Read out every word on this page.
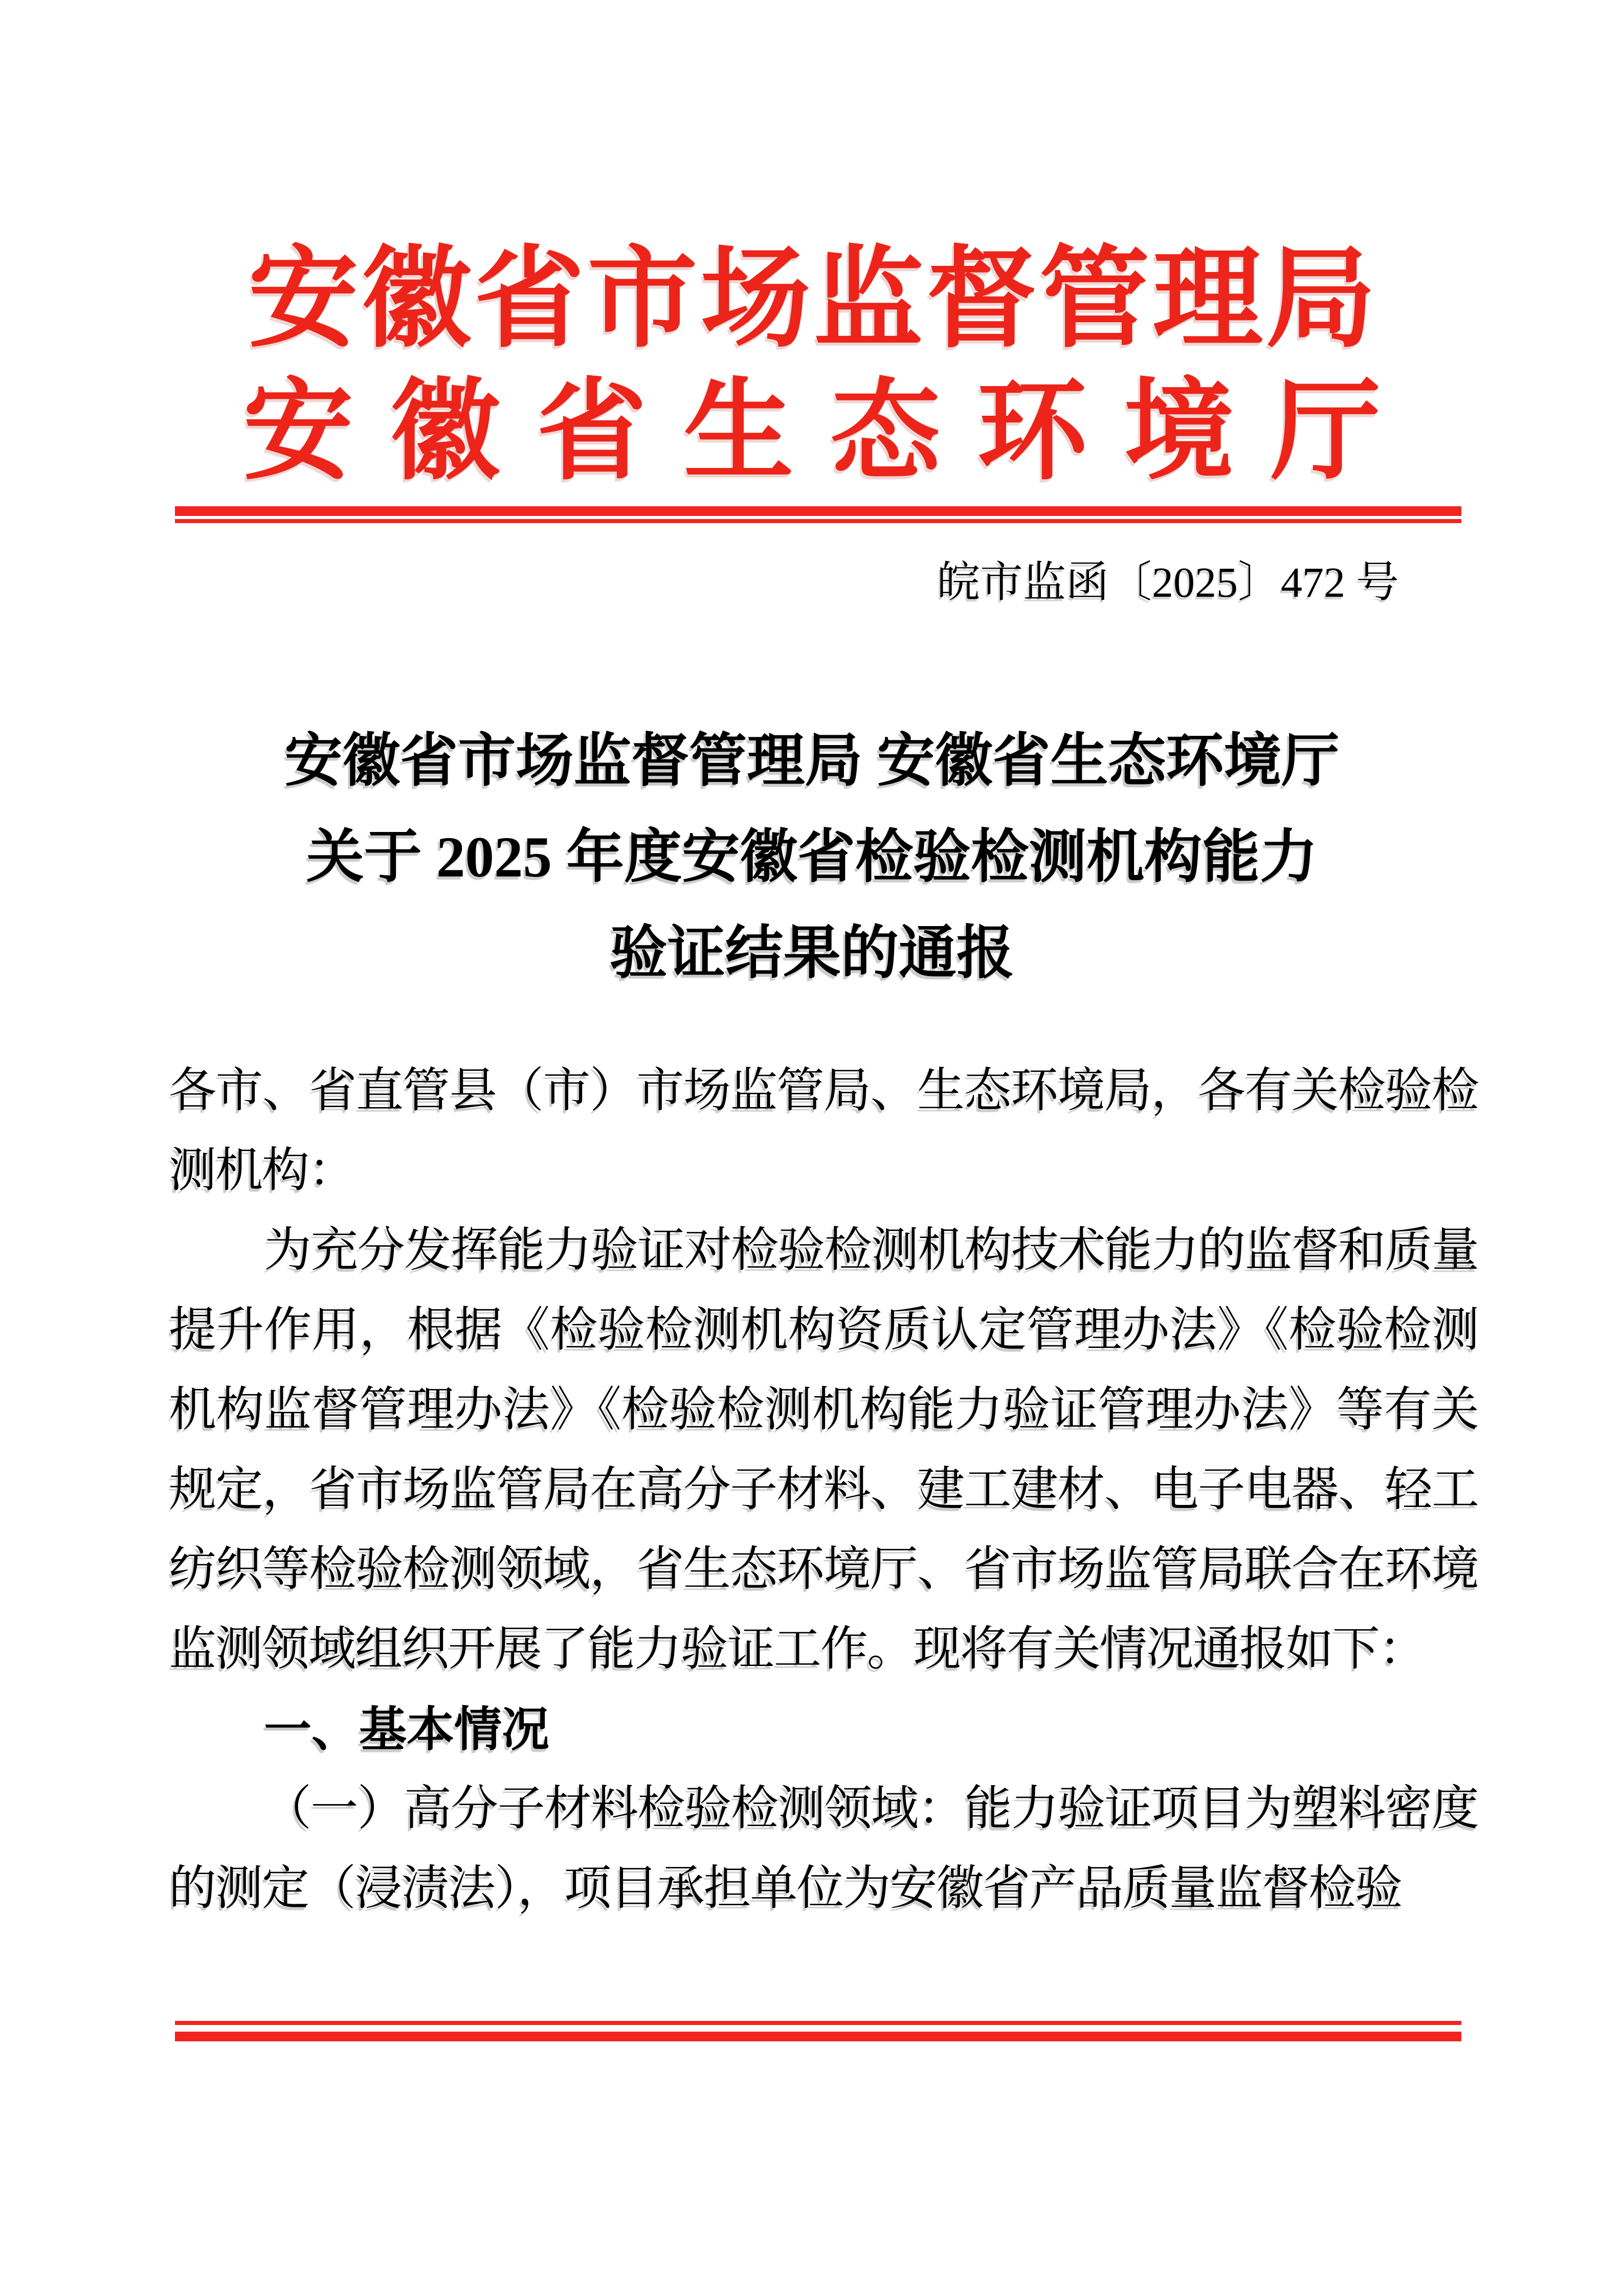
安徽省市场监督管理局
安徽省生态环境厅
皖市监函〔2025〕472 号
安徽省市场监督管理局 安徽省生态环境厅
关于 2025 年度安徽省检验检测机构能力
验证结果的通报

各市、省直管县（市）市场监管局、生态环境局，各有关检验检测机构：

为充分发挥能力验证对检验检测机构技术能力的监督和质量提升作用，根据《检验检测机构资质认定管理办法》《检验检测机构监督管理办法》《检验检测机构能力验证管理办法》等有关规定，省市场监管局在高分子材料、建工建材、电子电器、轻工纺织等检验检测领域，省生态环境厅、省市场监管局联合在环境监测领域组织开展了能力验证工作。现将有关情况通报如下：

一、基本情况

（一）高分子材料检验检测领域：能力验证项目为塑料密度的测定（浸渍法），项目承担单位为安徽省产品质量监督检验
